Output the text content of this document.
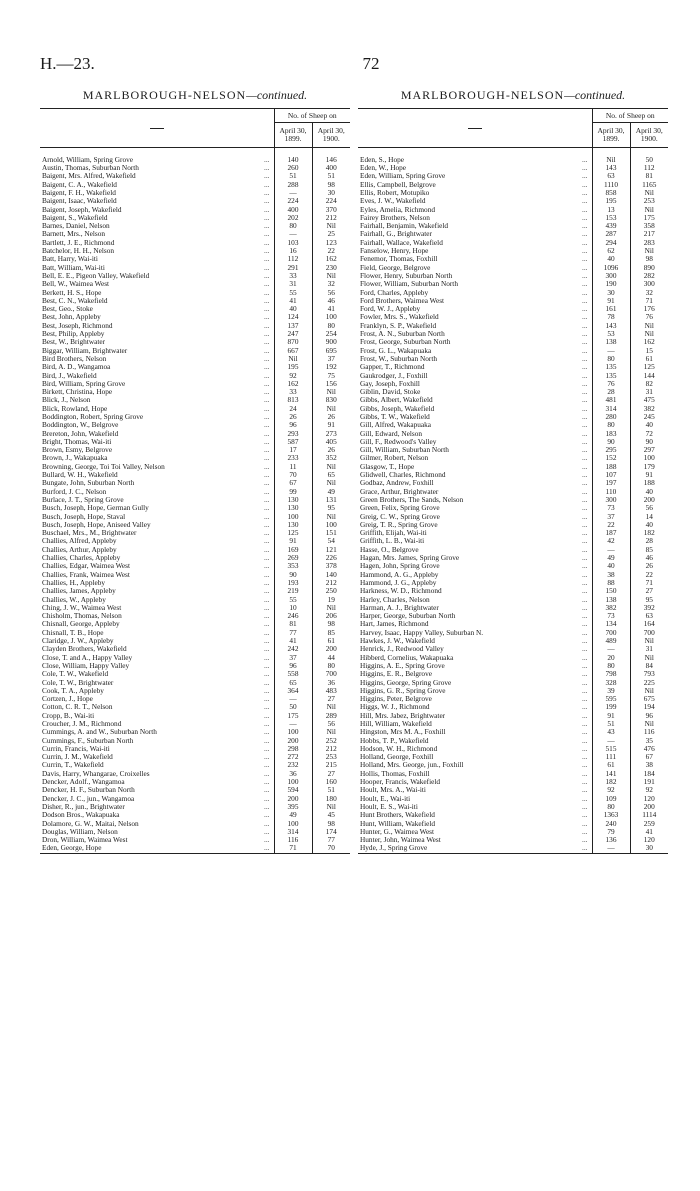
H.—23.	72
MARLBOROUGH-NELSON—continued.
		No. of Sheep on	
		April 30, 1899.	April 30, 1900.

Arnold, William, Spring Grove	...	140	146
Austin, Thomas, Suburban North	...	260	400
Baigent, Mrs. Alfred, Wakefield	...	51	51
Baigent, C. A., Wakefield	...	288	98
Baigent, F. H., Wakefield	...	—	30
Baigent, Isaac, Wakefield	...	224	224
Baigent, Joseph, Wakefield	...	400	370
Baigent, S., Wakefield	...	202	212
Barnes, Daniel, Nelson	...	80	Nil
Barnett, Mrs., Nelson	...	—	25
Bartlett, J. E., Richmond	...	103	123
Batchelor, H. H., Nelson	...	16	22
Batt, Harry, Wai-iti	...	112	162
Batt, William, Wai-iti	...	291	230
Bell, E. E., Pigeon Valley, Wakefield	...	33	Nil
Bell, W., Waimea West	...	31	32
Berkett, H. S., Hope	...	55	56
Best, C. N., Wakefield	...	41	46
Best, Geo., Stoke	...	40	41
Best, John, Appleby	...	124	100
Best, Joseph, Richmond	...	137	80
Best, Philip, Appleby	...	247	254
Best, W., Brightwater	...	870	900
Biggar, William, Brightwater	...	667	695
Bird Brothers, Nelson	...	Nil	37
Bird, A. D., Wangamoa	...	195	192
Bird, J., Wakefield	...	92	75
Bird, William, Spring Grove	...	162	156
Birkett, Christina, Hope	...	33	Nil
Blick, J., Nelson	...	813	830
Blick, Rowland, Hope	...	24	Nil
Boddington, Robert, Spring Grove	...	26	26
Boddington, W., Belgrove	...	96	91
Brereton, John, Wakefield	...	293	273
Bright, Thomas, Wai-iti	...	587	405
Brown, Esmy, Belgrove	...	17	26
Brown, J., Wakapuaka	...	233	352
Browning, George, Toi Toi Valley, Nelson	...	11	Nil
Bullard, W. H., Wakefield	...	70	65
Bungate, John, Suburban North	...	67	Nil
Burford, J. C., Nelson	...	99	49
Burlace, J. T., Spring Grove	...	130	131
Busch, Joseph, Hope, German Gully	...	130	95
Busch, Joseph, Hope, Staval	...	100	Nil
Busch, Joseph, Hope, Aniseed Valley	...	130	100
Buschael, Mrs., M., Brightwater	...	125	151
Challies, Alfred, Appleby	...	91	54
Challies, Arthur, Appleby	...	169	121
Challies, Charles, Appleby	...	269	226
Challies, Edgar, Waimea West	...	353	378
Challies, Frank, Waimea West	...	90	140
Challies, H., Appleby	...	193	212
Challies, James, Appleby	...	219	250
Challies, W., Appleby	...	55	19
Ching, J. W., Waimea West	...	10	Nil
Chisholm, Thomas, Nelson	...	246	206
Chisnall, George, Appleby	...	81	98
Chisnall, T. B., Hope	...	77	85
Claridge, J. W., Appleby	...	41	61
Clayden Brothers, Wakefield	...	242	200
Close, T. and A., Happy Valley	...	37	44
Close, William, Happy Valley	...	96	80
Cole, T. W., Wakefield	...	558	700
Cole, T. W., Brightwater	...	65	36
Cook, T. A., Appleby	...	364	483
Cortzen, J., Hope	...	—	27
Cotton, C. R. T., Nelson	...	50	Nil
Cropp, B., Wai-iti	...	175	289
Croucher, J. M., Richmond	...	—	56
Cummings, A. and W., Suburban North	...	100	Nil
Cummings, F., Suburban North	...	200	252
Currin, Francis, Wai-iti	...	298	212
Currin, J. M., Wakefield	...	272	253
Currin, T., Wakefield	...	232	215
Davis, Harry, Whangarae, Croixelles	...	36	27
Dencker, Adolf., Wangamoa	...	100	160
Dencker, H. F., Suburban North	...	594	51
Dencker, J. C., jun., Wangamoa	...	200	180
Disher, R., jun., Brightwater	...	395	Nil
Dodson Bros., Wakapuaka	...	49	45
Dolamore, G. W., Maitai, Nelson	...	100	98
Douglas, William, Nelson	...	314	174
Dron, William, Waimea West	...	116	77
Eden, George, Hope	...	71	70
MARLBOROUGH-NELSON—continued.
		No. of Sheep on	
		April 30, 1899.	April 30, 1900.

Eden, S., Hope	...	Nil	50
Eden, W., Hope	...	143	112
Eden, William, Spring Grove	...	63	81
Ellis, Campbell, Belgrove	...	1110	1165
Ellis, Robert, Motupiko	...	858	Nil
Eves, J. W., Wakefield	...	195	253
Eyles, Amelia, Richmond	...	13	Nil
Fairey Brothers, Nelson	...	153	175
Fairhall, Benjamin, Wakefield	...	439	358
Fairhall, G., Brightwater	...	287	217
Fairhall, Wallace, Wakefield	...	294	283
Fanselow, Henry, Hope	...	62	Nil
Fenemor, Thomas, Foxhill	...	40	98
Field, George, Belgrove	...	1096	890
Flower, Henry, Suburban North	...	300	282
Flower, William, Suburban North	...	190	300
Ford, Charles, Appleby	...	30	32
Ford Brothers, Waimea West	...	91	71
Ford, W. J., Appleby	...	161	176
Fowler, Mrs. S., Wakefield	...	78	76
Franklyn, S. P., Wakefield	...	143	Nil
Frost, A. N., Suburban North	...	53	Nil
Frost, George, Suburban North	...	138	162
Frost, G. L., Wakapuaka	...	—	15
Frost, W., Suburban North	...	80	61
Gapper, T., Richmond	...	135	125
Gaukrodger, J., Foxhill	...	135	144
Gay, Joseph, Foxhill	...	76	82
Giblin, David, Stoke	...	28	31
Gibbs, Albert, Wakefield	...	481	475
Gibbs, Joseph, Wakefield	...	314	382
Gibbs, T. W., Wakefield	...	280	245
Gill, Alfred, Wakapuaka	...	80	40
Gill, Edward, Nelson	...	183	72
Gill, F., Redwood's Valley	...	90	90
Gill, William, Suburban North	...	295	297
Gilmer, Robert, Nelson	...	152	100
Glasgow, T., Hope	...	188	179
Glidwell, Charles, Richmond	...	107	91
Godbaz, Andrew, Foxhill	...	197	188
Grace, Arthur, Brightwater	...	110	40
Green Brothers, The Sands, Nelson	...	300	200
Green, Felix, Spring Grove	...	73	56
Greig, C. W., Spring Grove	...	37	14
Greig, T. R., Spring Grove	...	22	40
Griffith, Elijah, Wai-iti	...	187	182
Griffith, L. B., Wai-iti	...	42	28
Hasse, O., Belgrove	...	—	85
Hagan, Mrs. James, Spring Grove	...	49	46
Hagen, John, Spring Grove	...	40	26
Hammond, A. G., Appleby	...	38	22
Hammond, J. G., Appleby	...	88	71
Harkness, W. D., Richmond	...	150	27
Harley, Charles, Nelson	...	138	95
Harman, A. J., Brightwater	...	382	392
Harper, George, Suburban North	...	73	63
Hart, James, Richmond	...	134	164
Harvey, Isaac, Happy Valley, Suburban N.	...	700	700
Hawkes, J. W., Wakefield	...	489	Nil
Henrick, J., Redwood Valley	...	—	31
Hibberd, Cornelius, Wakapuaka	...	20	Nil
Higgins, A. E., Spring Grove	...	80	84
Higgins, E. R., Belgrove	...	798	793
Higgins, George, Spring Grove	...	328	225
Higgins, G. R., Spring Grove	...	39	Nil
Higgins, Peter, Belgrove	...	595	675
Higgs, W. J., Richmond	...	199	194
Hill, Mrs. Jabez, Brightwater	...	91	96
Hill, William, Wakefield	...	51	Nil
Hingston, Mrs M. A., Foxhill	...	43	116
Hobbs, T. P., Wakefield	...	—	35
Hodson, W. H., Richmond	...	515	476
Holland, George, Foxhill	...	111	67
Holland, Mrs. George, jun., Foxhill	...	61	38
Hollis, Thomas, Foxhill	...	141	184
Hooper, Francis, Wakefield	...	182	191
Hoult, Mrs. A., Wai-iti	...	92	92
Hoult, E., Wai-iti	...	109	120
Hoult, E. S., Wai-iti	...	80	200
Hunt Brothers, Wakefield	...	1363	1114
Hunt, William, Wakefield	...	240	259
Hunter, G., Waimea West	...	79	41
Hunter, John, Waimea West	...	136	120
Hyde, J., Spring Grove	...	—	30
